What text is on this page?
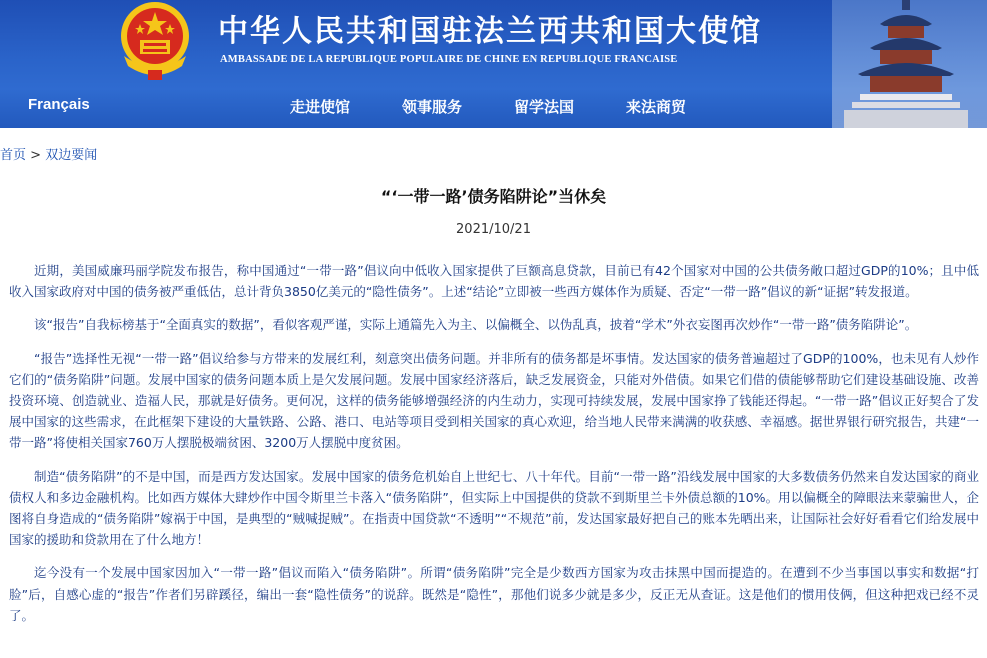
中华人民共和国驻法兰西共和国大使馆
AMBASSADE DE LA REPUBLIQUE POPULAIRE DE CHINE EN REPUBLIQUE FRANCAISE
Français	走进使馆	领事服务	留学法国	来法商贸
首页 > 双边要闻
“‘一带一路’债务陷阱论”当休矣
2021/10/21

近期，美国威廉玛丽学院发布报告，称中国通过“一带一路”倡议向中低收入国家提供了巨额高息贷款，目前已有42个国家对中国的公共债务敞口超过GDP的10%；且中低收入国家政府对中国的债务被严重低估，总计背负3850亿美元的“隐性债务”。上述“结论”立即被一些西方媒体作为质疑、否定“一带一路”倡议的新“证据”转发报道。

该“报告”自我标榜基于“全面真实的数据”，看似客观严谨，实际上通篇先入为主、以偏概全、以伪乱真，披着“学术”外衣妄图再次炒作“一带一路”债务陷阱论”。

“报告”选择性无视“一带一路”倡议给参与方带来的发展红利，刻意突出债务问题。并非所有的债务都是坏事情。发达国家的债务普遍超过了GDP的100%，也未见有人炒作它们的“债务陷阱”问题。发展中国家的债务问题本质上是欠发展问题。发展中国家经济落后，缺乏发展资金，只能对外借债。如果它们借的债能够帮助它们建设基础设施、改善投资环境、创造就业、造福人民，那就是好债务。更何况，这样的债务能够增强经济的内生动力，实现可持续发展，发展中国家挣了钱能还得起。“一带一路”倡议正好契合了发展中国家的这些需求，在此框架下建设的大量铁路、公路、港口、电站等项目受到相关国家的真心欢迎，给当地人民带来满满的收获感、幸福感。据世界银行研究报告，共建“一带一路”将使相关国家760万人摆脱极端贫困、3200万人摆脱中度贫困。

制造“债务陷阱”的不是中国，而是西方发达国家。发展中国家的债务危机始自上世纪七、八十年代。目前“一带一路”沿线发展中国家的大多数债务仍然来自发达国家的商业债权人和多边金融机构。比如西方媒体大肆炒作中国令斯里兰卡落入“债务陷阱”，但实际上中国提供的贷款不到斯里兰卡外债总额的10%。用以偏概全的障眼法来蒙骗世人，企图将自身造成的“债务陷阱”嫁祸于中国，是典型的“贼喊捉贼”。在指责中国贷款“不透明”“不规范”前，发达国家最好把自己的账本先晒出来，让国际社会好好看看它们给发展中国家的援助和贷款用在了什么地方！

迄今没有一个发展中国家因加入“一带一路”倡议而陷入“债务陷阱”。所谓“债务陷阱”完全是少数西方国家为攻击抹黑中国而提造的。在遭到不少当事国以事实和数据“打脸”后，自感心虚的“报告”作者们另辟蹊径，编出一套“隐性债务”的说辞。既然是“隐性”，那他们说多少就是多少，反正无从查证。这是他们的惯用伎俩，但这种把戏已经不灵了。
